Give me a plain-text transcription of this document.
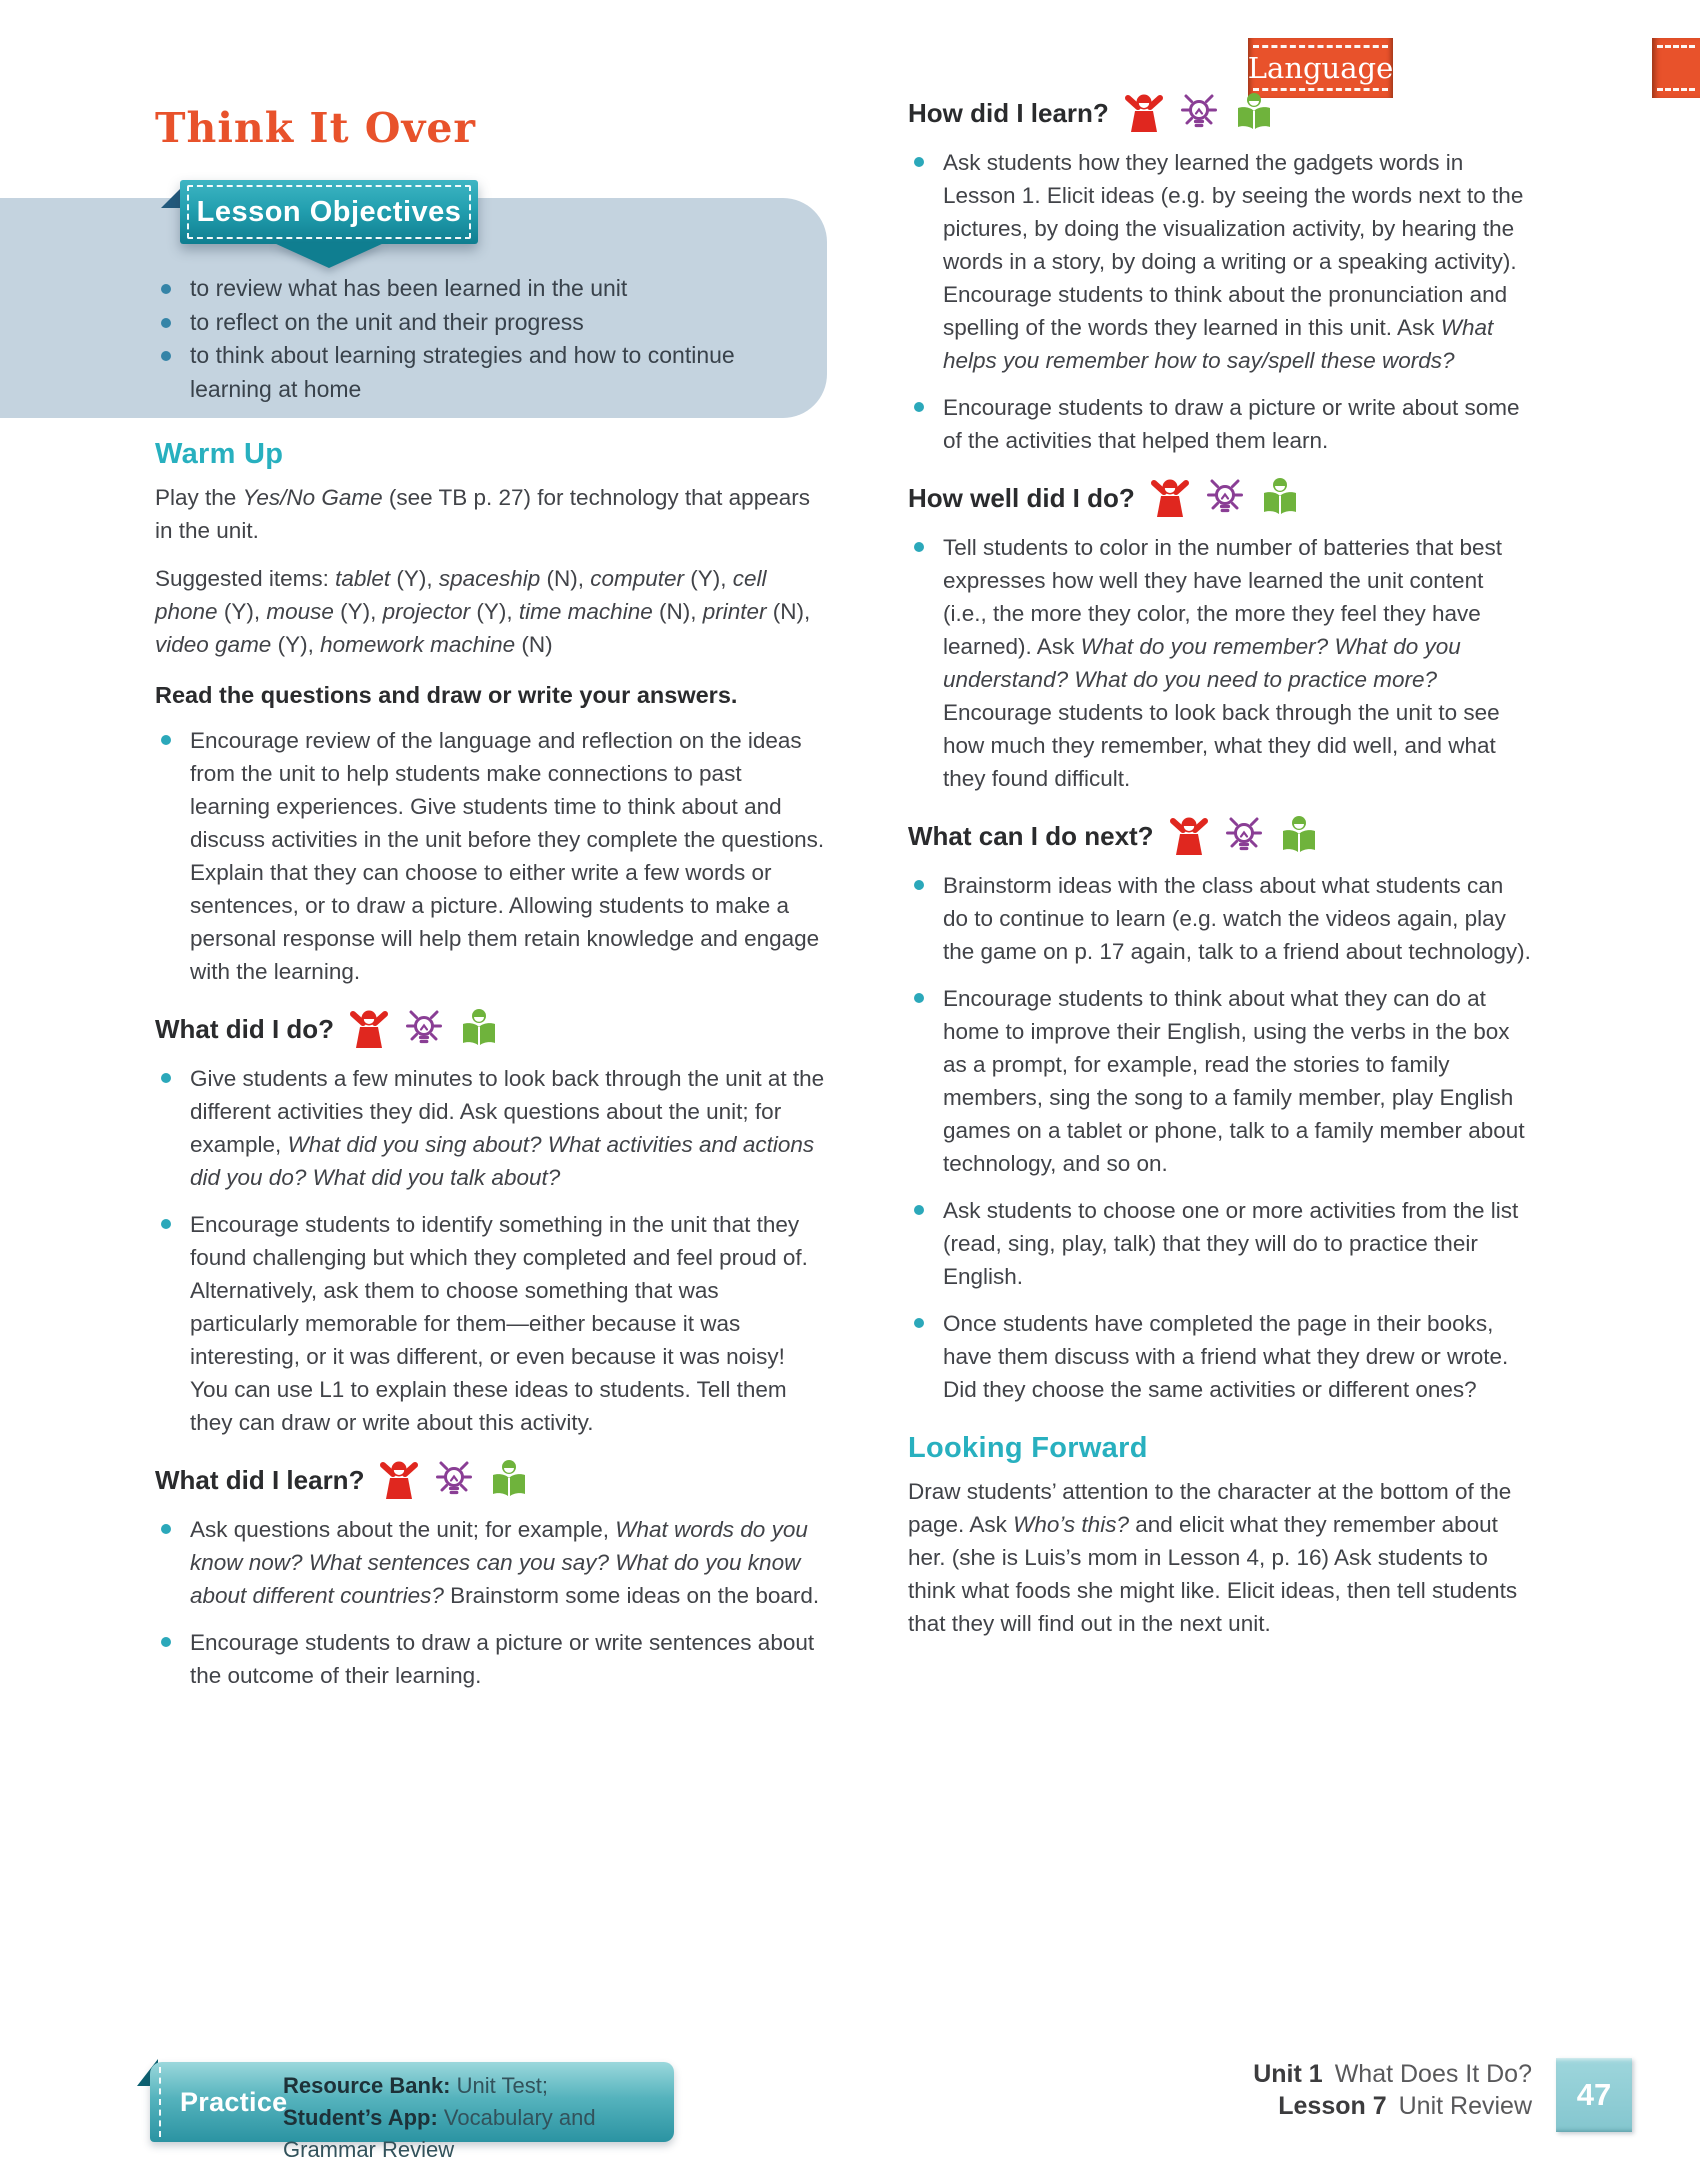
Language
Think It Over
to review what has been learned in the unit
to reflect on the unit and their progress
to think about learning strategies and how to continue learning at home
Lesson Objectives
Warm Up

Play the Yes/No Game (see TB p. 27) for technology that appears in the unit.

Suggested items: tablet (Y), spaceship (N), computer (Y), cell phone (Y), mouse (Y), projector (Y), time machine (N), printer (N), video game (Y), homework machine (N)

Read the questions and draw or write your answers.

Encourage review of the language and reflection on the ideas from the unit to help students make connections to past learning experiences. Give students time to think about and discuss activities in the unit before they complete the questions. Explain that they can choose to either write a few words or sentences, or to draw a picture. Allowing students to make a personal response will help them retain knowledge and engage with the learning.
What did I do?
Give students a few minutes to look back through the unit at the different activities they did. Ask questions about the unit; for example, What did you sing about? What activities and actions did you do? What did you talk about?
Encourage students to identify something in the unit that they found challenging but which they completed and feel proud of. Alternatively, ask them to choose something that was particularly memorable for them—either because it was interesting, or it was different, or even because it was noisy! You can use L1 to explain these ideas to students. Tell them they can draw or write about this activity.
What did I learn?
Ask questions about the unit; for example, What words do you know now? What sentences can you say? What do you know about different countries? Brainstorm some ideas on the board.
Encourage students to draw a picture or write sentences about the outcome of their learning.
How did I learn?
Ask students how they learned the gadgets words in Lesson 1. Elicit ideas (e.g. by seeing the words next to the pictures, by doing the visualization activity, by hearing the words in a story, by doing a writing or a speaking activity). Encourage students to think about the pronunciation and spelling of the words they learned in this unit. Ask What helps you remember how to say/spell these words?
Encourage students to draw a picture or write about some of the activities that helped them learn.
How well did I do?
Tell students to color in the number of batteries that best expresses how well they have learned the unit content (i.e., the more they color, the more they feel they have learned). Ask What do you remember? What do you understand? What do you need to practice more? Encourage students to look back through the unit to see how much they remember, what they did well, and what they found difficult.
What can I do next?
Brainstorm ideas with the class about what students can do to continue to learn (e.g. watch the videos again, play the game on p. 17 again, talk to a friend about technology).
Encourage students to think about what they can do at home to improve their English, using the verbs in the box as a prompt, for example, read the stories to family members, sing the song to a family member, play English games on a tablet or phone, talk to a family member about technology, and so on.
Ask students to choose one or more activities from the list (read, sing, play, talk) that they will do to practice their English.
Once students have completed the page in their books, have them discuss with a friend what they drew or wrote. Did they choose the same activities or different ones?
Looking Forward

Draw students’ attention to the character at the bottom of the page. Ask Who’s this? and elicit what they remember about her. (she is Luis’s mom in Lesson 4, p. 16) Ask students to think what foods she might like. Elicit ideas, then tell students that they will find out in the next unit.

Practice
Resource Bank: Unit Test;
Student’s App: Vocabulary and Grammar Review
Unit 1 What Does It Do?
Lesson 7 Unit Review 47
